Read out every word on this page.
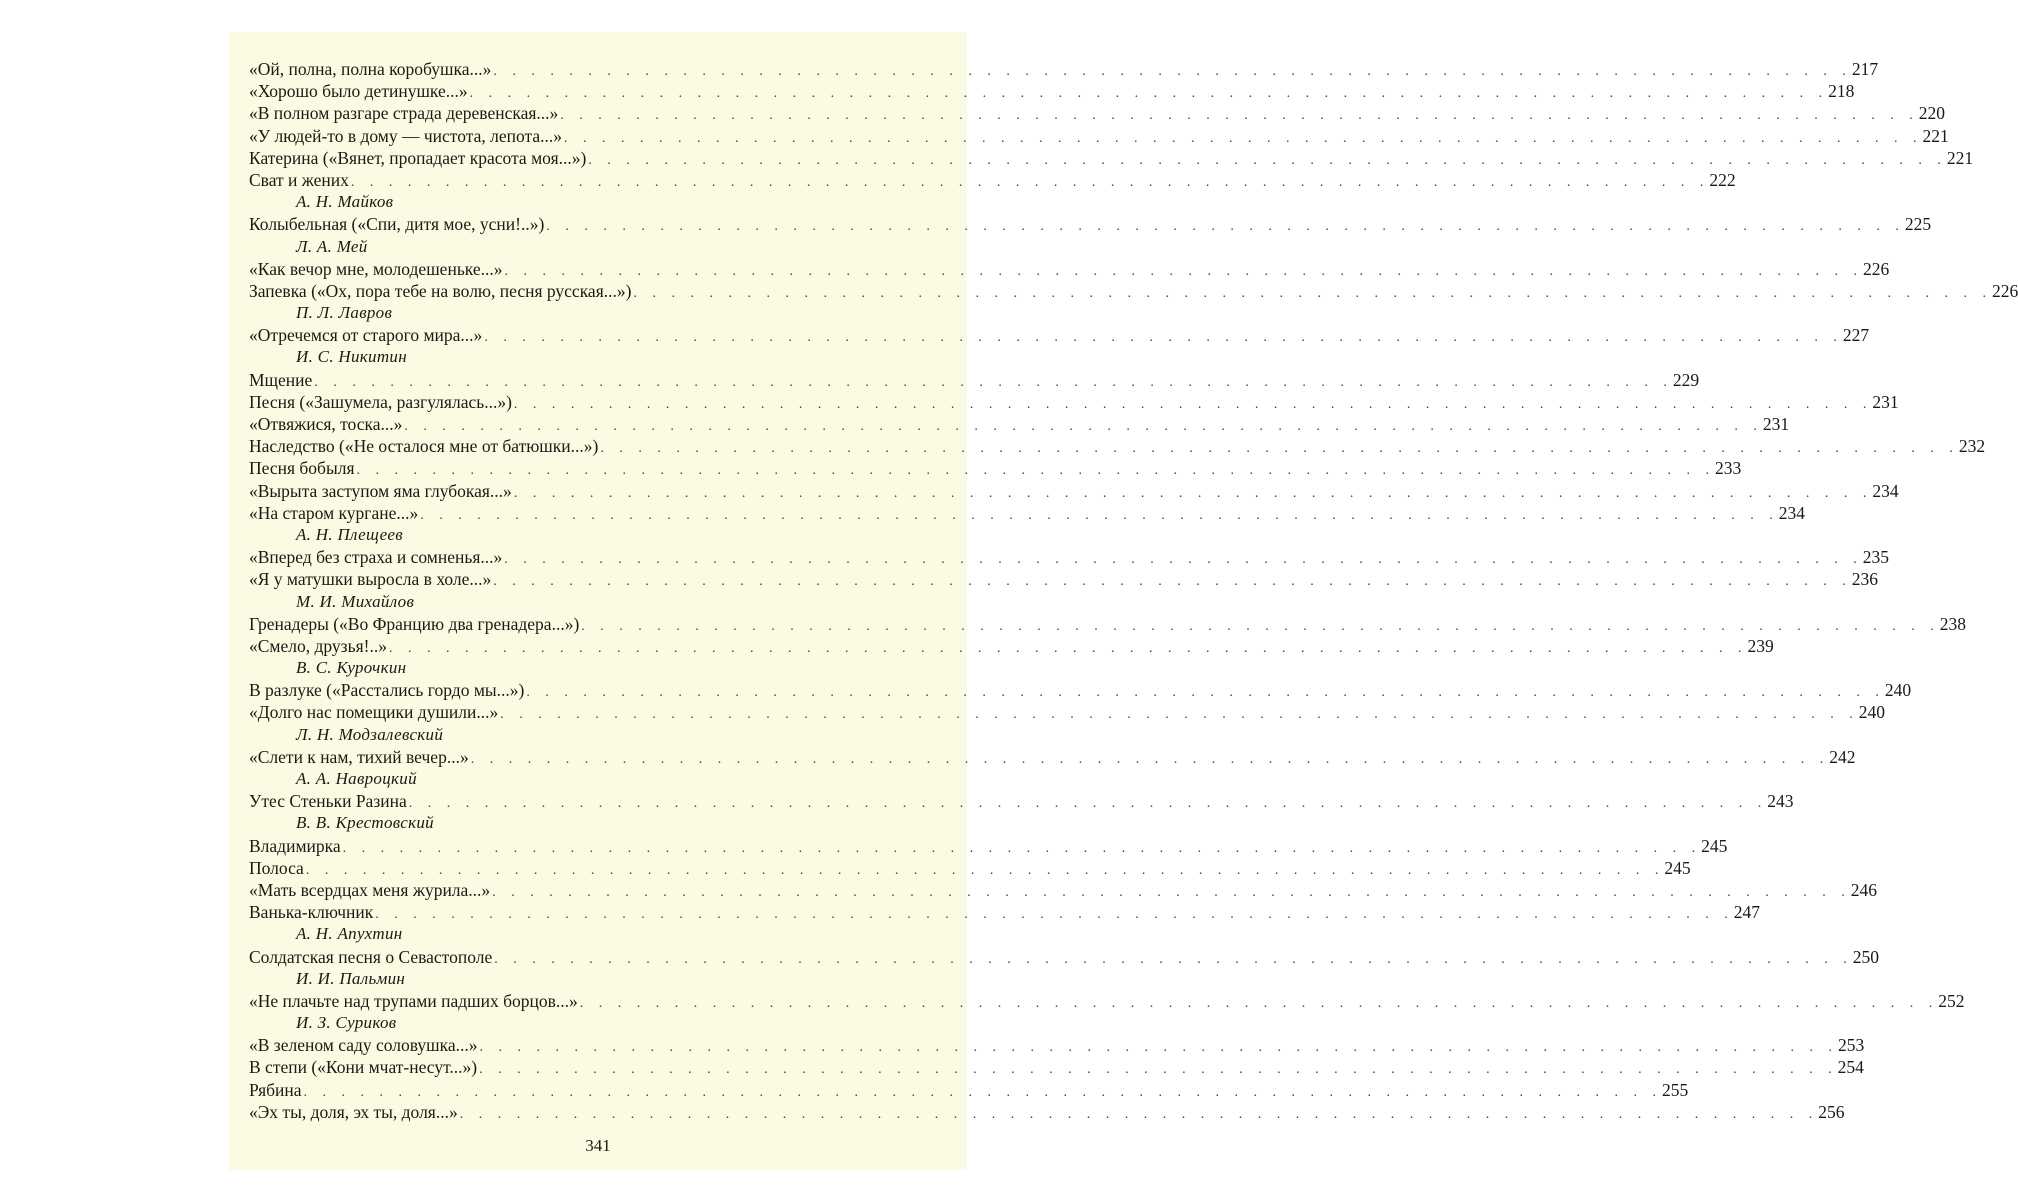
«Ой, полна, полна коробушка...» . . . . . . . . . . . . . . . . . . . . . . . . . . . . . . . . . . . . . . . . . . . . . . . . . . . . . . . . . . . . . . . . . . . . . . . . 217
«Хорошо было детинушке...» . . . . . . . . . . . . . . . . . . . . . . . . . . . . . . . . . . . . . . . . . . . . . . . . . . . . . . . . . . . . . . . . . . . . . . . . 218
«В полном разгаре страда деревенская...» . . . . . . . . . . . . . . . . . . . . . . . . . . . . . . . . . . . . . . . . . . . . . . . . . . . . . . . . . . . . . . . . . . . . . . . . 220
«У людей-то в дому — чистота, лепота...» . . . . . . . . . . . . . . . . . . . . . . . . . . . . . . . . . . . . . . . . . . . . . . . . . . . . . . . . . . . . . . . . . . . . . . . . 221
Катерина («Вянет, пропадает красота моя...») . . . . . . . . . . . . . . . . . . . . . . . . . . . . . . . . . . . . . . . . . . . . . . . . . . . . . . . . . . . . . . . . . . . . . . . . 221
Сват и жених . . . . . . . . . . . . . . . . . . . . . . . . . . . . . . . . . . . . . . . . . . . . . . . . . . . . . . . . . . . . . . . . . . . . . . . . 222
А. Н. Майков
Колыбельная («Спи, дитя мое, усни!..») . . . . . . . . . . . . . . . . . . . . . . . . . . . . . . . . . . . . . . . . . . . . . . . . . . . . . . . . . . . . . . . . . . . . . . . . 225
Л. А. Мей
«Как вечор мне, молодешеньке...» . . . . . . . . . . . . . . . . . . . . . . . . . . . . . . . . . . . . . . . . . . . . . . . . . . . . . . . . . . . . . . . . . . . . . . . . 226
Запевка («Ох, пора тебе на волю, песня русская...») . . . . . . . . . . . . . . . . . . . . . . . . . . . . . . . . . . . . . . . . . . . . . . . . . . . . . . . . . . . . . . . . . . . . . . . . 226
П. Л. Лавров
«Отречемся от старого мира...» . . . . . . . . . . . . . . . . . . . . . . . . . . . . . . . . . . . . . . . . . . . . . . . . . . . . . . . . . . . . . . . . . . . . . . . . 227
И. С. Никитин
Мщение . . . . . . . . . . . . . . . . . . . . . . . . . . . . . . . . . . . . . . . . . . . . . . . . . . . . . . . . . . . . . . . . . . . . . . . . 229
Песня («Зашумела, разгулялась...») . . . . . . . . . . . . . . . . . . . . . . . . . . . . . . . . . . . . . . . . . . . . . . . . . . . . . . . . . . . . . . . . . . . . . . . . 231
«Отвяжися, тоска...» . . . . . . . . . . . . . . . . . . . . . . . . . . . . . . . . . . . . . . . . . . . . . . . . . . . . . . . . . . . . . . . . . . . . . . . . 231
Наследство («Не осталося мне от батюшки...») . . . . . . . . . . . . . . . . . . . . . . . . . . . . . . . . . . . . . . . . . . . . . . . . . . . . . . . . . . . . . . . . . . . . . . . . 232
Песня бобыля . . . . . . . . . . . . . . . . . . . . . . . . . . . . . . . . . . . . . . . . . . . . . . . . . . . . . . . . . . . . . . . . . . . . . . . . 233
«Вырыта заступом яма глубокая...» . . . . . . . . . . . . . . . . . . . . . . . . . . . . . . . . . . . . . . . . . . . . . . . . . . . . . . . . . . . . . . . . . . . . . . . . 234
«На старом кургане...» . . . . . . . . . . . . . . . . . . . . . . . . . . . . . . . . . . . . . . . . . . . . . . . . . . . . . . . . . . . . . . . . . . . . . . . . 234
А. Н. Плещеев
«Вперед без страха и сомненья...» . . . . . . . . . . . . . . . . . . . . . . . . . . . . . . . . . . . . . . . . . . . . . . . . . . . . . . . . . . . . . . . . . . . . . . . . 235
«Я у матушки выросла в холе...» . . . . . . . . . . . . . . . . . . . . . . . . . . . . . . . . . . . . . . . . . . . . . . . . . . . . . . . . . . . . . . . . . . . . . . . . 236
М. И. Михайлов
Гренадеры («Во Францию два гренадера...») . . . . . . . . . . . . . . . . . . . . . . . . . . . . . . . . . . . . . . . . . . . . . . . . . . . . . . . . . . . . . . . . . . . . . . . . 238
«Смело, друзья!..» . . . . . . . . . . . . . . . . . . . . . . . . . . . . . . . . . . . . . . . . . . . . . . . . . . . . . . . . . . . . . . . . . . . . . . . . 239
В. С. Курочкин
В разлуке («Расстались гордо мы...») . . . . . . . . . . . . . . . . . . . . . . . . . . . . . . . . . . . . . . . . . . . . . . . . . . . . . . . . . . . . . . . . . . . . . . . . 240
«Долго нас помещики душили...» . . . . . . . . . . . . . . . . . . . . . . . . . . . . . . . . . . . . . . . . . . . . . . . . . . . . . . . . . . . . . . . . . . . . . . . . 240
Л. Н. Модзалевский
«Слети к нам, тихий вечер...» . . . . . . . . . . . . . . . . . . . . . . . . . . . . . . . . . . . . . . . . . . . . . . . . . . . . . . . . . . . . . . . . . . . . . . . . 242
А. А. Навроцкий
Утес Стеньки Разина . . . . . . . . . . . . . . . . . . . . . . . . . . . . . . . . . . . . . . . . . . . . . . . . . . . . . . . . . . . . . . . . . . . . . . . . 243
В. В. Крестовский
Владимирка . . . . . . . . . . . . . . . . . . . . . . . . . . . . . . . . . . . . . . . . . . . . . . . . . . . . . . . . . . . . . . . . . . . . . . . . 245
Полоса . . . . . . . . . . . . . . . . . . . . . . . . . . . . . . . . . . . . . . . . . . . . . . . . . . . . . . . . . . . . . . . . . . . . . . . . 245
«Мать всердцах меня журила...» . . . . . . . . . . . . . . . . . . . . . . . . . . . . . . . . . . . . . . . . . . . . . . . . . . . . . . . . . . . . . . . . . . . . . . . . 246
Ванька-ключник . . . . . . . . . . . . . . . . . . . . . . . . . . . . . . . . . . . . . . . . . . . . . . . . . . . . . . . . . . . . . . . . . . . . . . . . 247
А. Н. Апухтин
Солдатская песня о Севастополе . . . . . . . . . . . . . . . . . . . . . . . . . . . . . . . . . . . . . . . . . . . . . . . . . . . . . . . . . . . . . . . . . . . . . . . . 250
И. И. Пальмин
«Не плачьте над трупами падших борцов...» . . . . . . . . . . . . . . . . . . . . . . . . . . . . . . . . . . . . . . . . . . . . . . . . . . . . . . . . . . . . . . . . . . . . . . . . 252
И. З. Суриков
«В зеленом саду соловушка...» . . . . . . . . . . . . . . . . . . . . . . . . . . . . . . . . . . . . . . . . . . . . . . . . . . . . . . . . . . . . . . . . . . . . . . . . 253
В степи («Кони мчат-несут...») . . . . . . . . . . . . . . . . . . . . . . . . . . . . . . . . . . . . . . . . . . . . . . . . . . . . . . . . . . . . . . . . . . . . . . . . 254
Рябина . . . . . . . . . . . . . . . . . . . . . . . . . . . . . . . . . . . . . . . . . . . . . . . . . . . . . . . . . . . . . . . . . . . . . . . . 255
«Эх ты, доля, эх ты, доля...» . . . . . . . . . . . . . . . . . . . . . . . . . . . . . . . . . . . . . . . . . . . . . . . . . . . . . . . . . . . . . . . . . . . . . . . . 256
341
